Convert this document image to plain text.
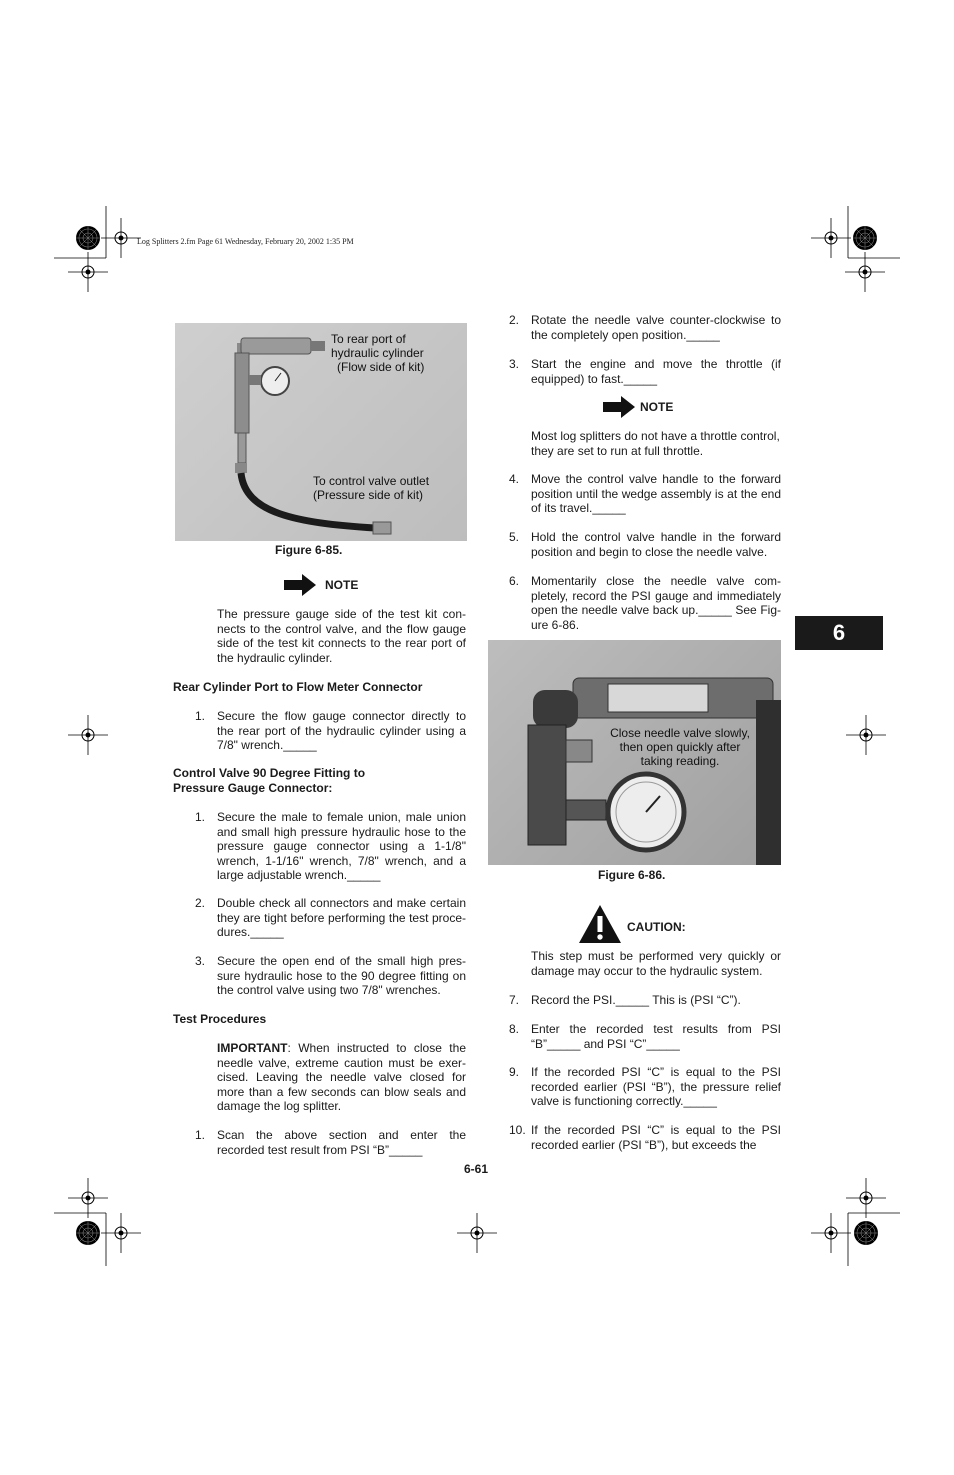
Log Splitters 2.fm Page 61 Wednesday, February 20, 2002 1:35 PM
To rear port of
hydraulic cylinder
(Flow side of kit)
To control valve outlet
(Pressure side of kit)
Figure 6-85.
NOTE
The pressure gauge side of the test kit con-nects to the control valve, and the flow gauge side of the test kit connects to the rear port of the hydraulic cylinder.
Rear Cylinder Port to Flow Meter Connector
1. Secure the flow gauge connector directly to the rear port of the hydraulic cylinder using a 7/8" wrench._____
Control Valve 90 Degree Fitting to
Pressure Gauge Connector:
1. Secure the male to female union, male union and small high pressure hydraulic hose to the pressure gauge connector using a 1-1/8" wrench, 1-1/16" wrench, 7/8" wrench, and a large adjustable wrench._____
2. Double check all connectors and make certain they are tight before performing the test proce-dures._____
3. Secure the open end of the small high pres-sure hydraulic hose to the 90 degree fitting on the control valve using two 7/8" wrenches.
Test Procedures
IMPORTANT: When instructed to close the needle valve, extreme caution must be exer-cised. Leaving the needle valve closed for more than a few seconds can blow seals and damage the log splitter.
1. Scan the above section and enter the recorded test result from PSI “B”_____
2. Rotate the needle valve counter-clockwise to the completely open position._____
3. Start the engine and move the throttle (if equipped) to fast._____
NOTE
Most log splitters do not have a throttle control, they are set to run at full throttle.
4. Move the control valve handle to the forward position until the wedge assembly is at the end of its travel._____
5. Hold the control valve handle in the forward position and begin to close the needle valve.
6. Momentarily close the needle valve com-pletely, record the PSI gauge and immediately open the needle valve back up._____ See Fig-ure 6-86.
Close needle valve slowly,
then open quickly after
taking reading.
Figure 6-86.
CAUTION:
This step must be performed very quickly or damage may occur to the hydraulic system.
7. Record the PSI._____ This is (PSI “C”).
8. Enter the recorded test results from PSI “B”_____ and PSI “C”_____
9. If the recorded PSI “C” is equal to the PSI recorded earlier (PSI “B”), the pressure relief valve is functioning correctly._____
10. If the recorded PSI “C” is equal to the PSI recorded earlier (PSI “B”), but exceeds the
6-61
6
